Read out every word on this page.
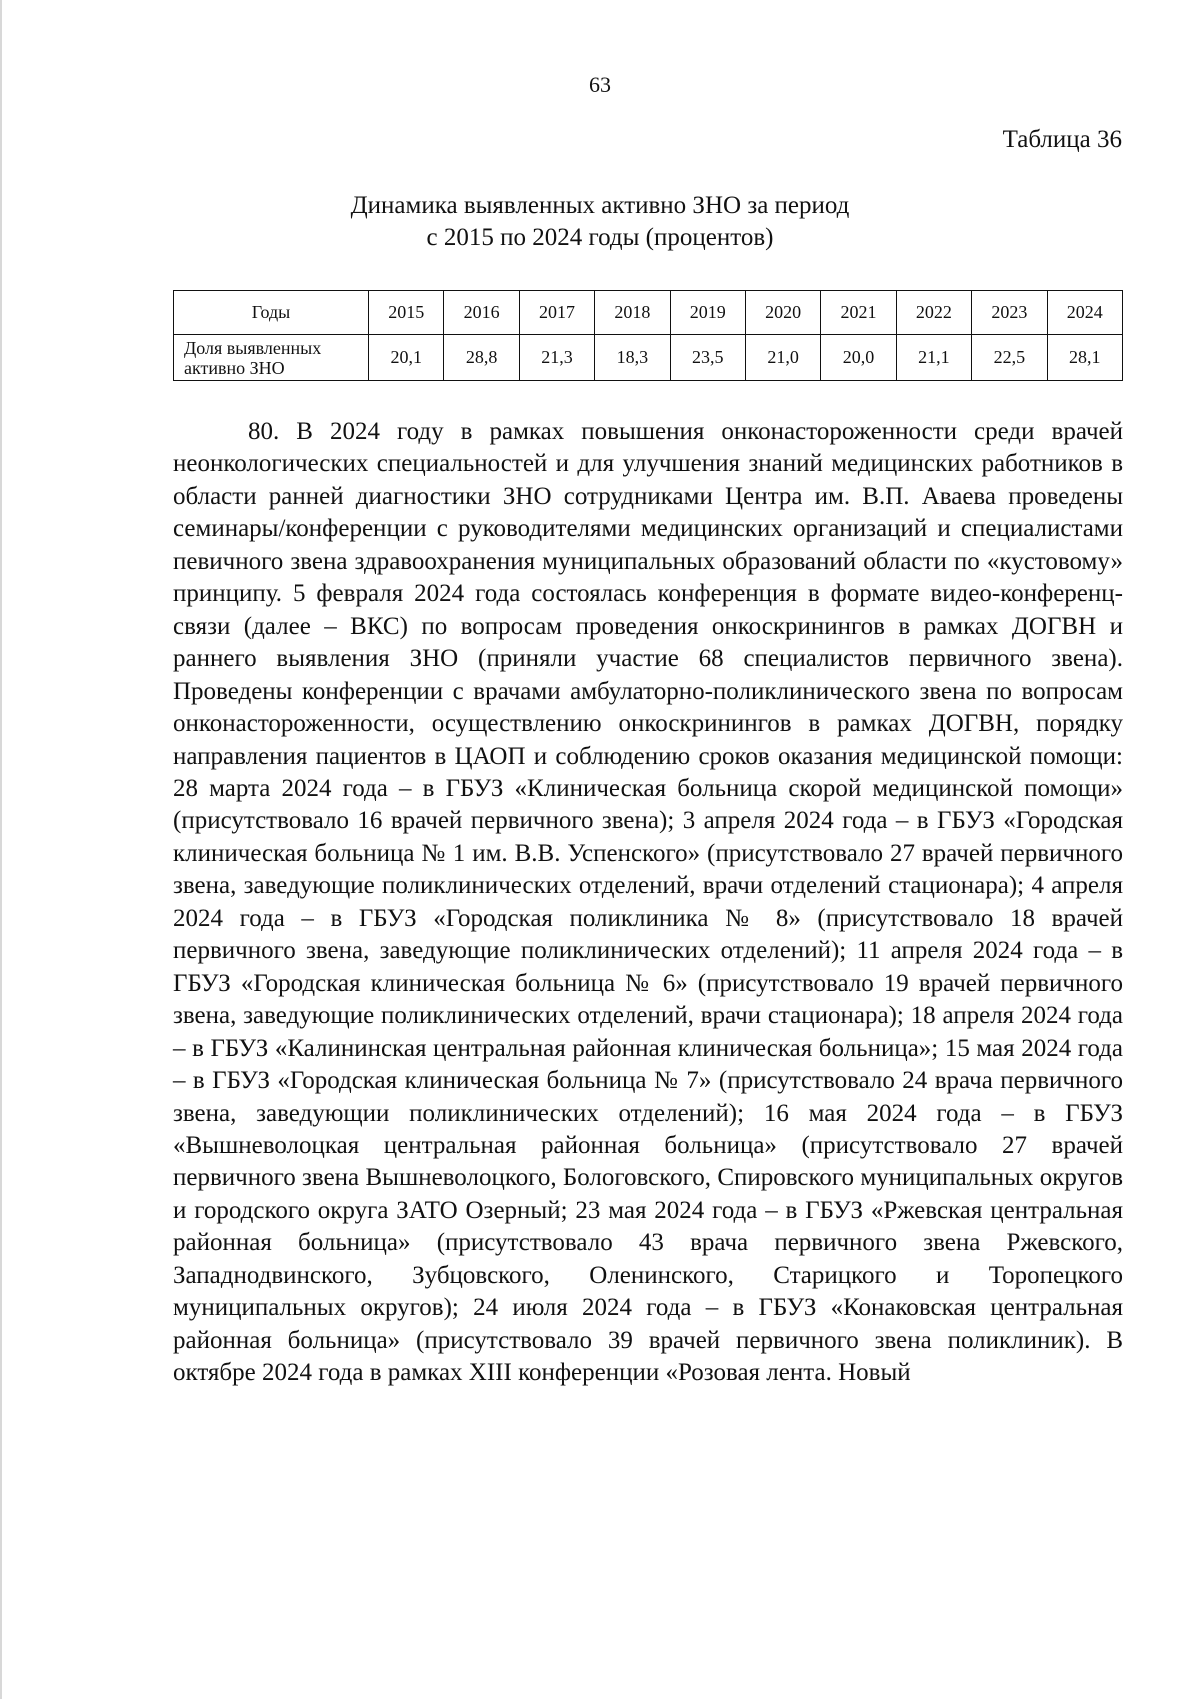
63
Таблица 36
Динамика выявленных активно ЗНО за период
с 2015 по 2024 годы (процентов)
Годы	2015	2016	2017	2018	2019	2020	2021	2022	2023	2024
Доля выявленных активно ЗНО	20,1	28,8	21,3	18,3	23,5	21,0	20,0	21,1	22,5	28,1

80. В 2024 году в рамках повышения онконастороженности среди врачей неонкологических специальностей и для улучшения знаний медицинских работников в области ранней диагностики ЗНО сотрудниками Центра им. В.П. Аваева проведены семинары/конференции с руководителями медицинских организаций и специалистами певичного звена здравоохранения муниципальных образований области по «кустовому» принципу. 5 февраля 2024 года состоялась конференция в формате видео-конференц-связи (далее – ВКС) по вопросам проведения онкоскринингов в рамках ДОГВН и раннего выявления ЗНО (приняли участие 68 специалистов первичного звена). Проведены конференции с врачами амбулаторно-поликлинического звена по вопросам онконастороженности, осуществлению онкоскринингов в рамках ДОГВН, порядку направления пациентов в ЦАОП и соблюдению сроков оказания медицинской помощи: 28 марта 2024 года – в ГБУЗ «Клиническая больница скорой медицинской помощи» (присутствовало 16 врачей первичного звена); 3 апреля 2024 года – в ГБУЗ «Городская клиническая больница № 1 им. В.В. Успенского» (присутствовало 27 врачей первичного звена, заведующие поликлинических отделений, врачи отделений стационара); 4 апреля 2024 года – в ГБУЗ «Городская поликлиника № 8» (присутствовало 18 врачей первичного звена, заведующие поликлинических отделений); 11 апреля 2024 года – в ГБУЗ «Городская клиническая больница № 6» (присутствовало 19 врачей первичного звена, заведующие поликлинических отделений, врачи стационара); 18 апреля 2024 года – в ГБУЗ «Калининская центральная районная клиническая больница»; 15 мая 2024 года – в ГБУЗ «Городская клиническая больница № 7» (присутствовало 24 врача первичного звена, заведующии поликлинических отделений); 16 мая 2024 года – в ГБУЗ «Вышневолоцкая центральная районная больница» (присутствовало 27 врачей первичного звена Вышневолоцкого, Бологовского, Спировского муниципальных округов и городского округа ЗАТО Озерный; 23 мая 2024 года – в ГБУЗ «Ржевская центральная районная больница» (присутствовало 43 врача первичного звена Ржевского, Западнодвинского, Зубцовского, Оленинского, Старицкого и Торопецкого муниципальных округов); 24 июля 2024 года – в ГБУЗ «Конаковская центральная районная больница» (присутствовало 39 врачей первичного звена поликлиник). В октябре 2024 года в рамках XIII конференции «Розовая лента. Новый
